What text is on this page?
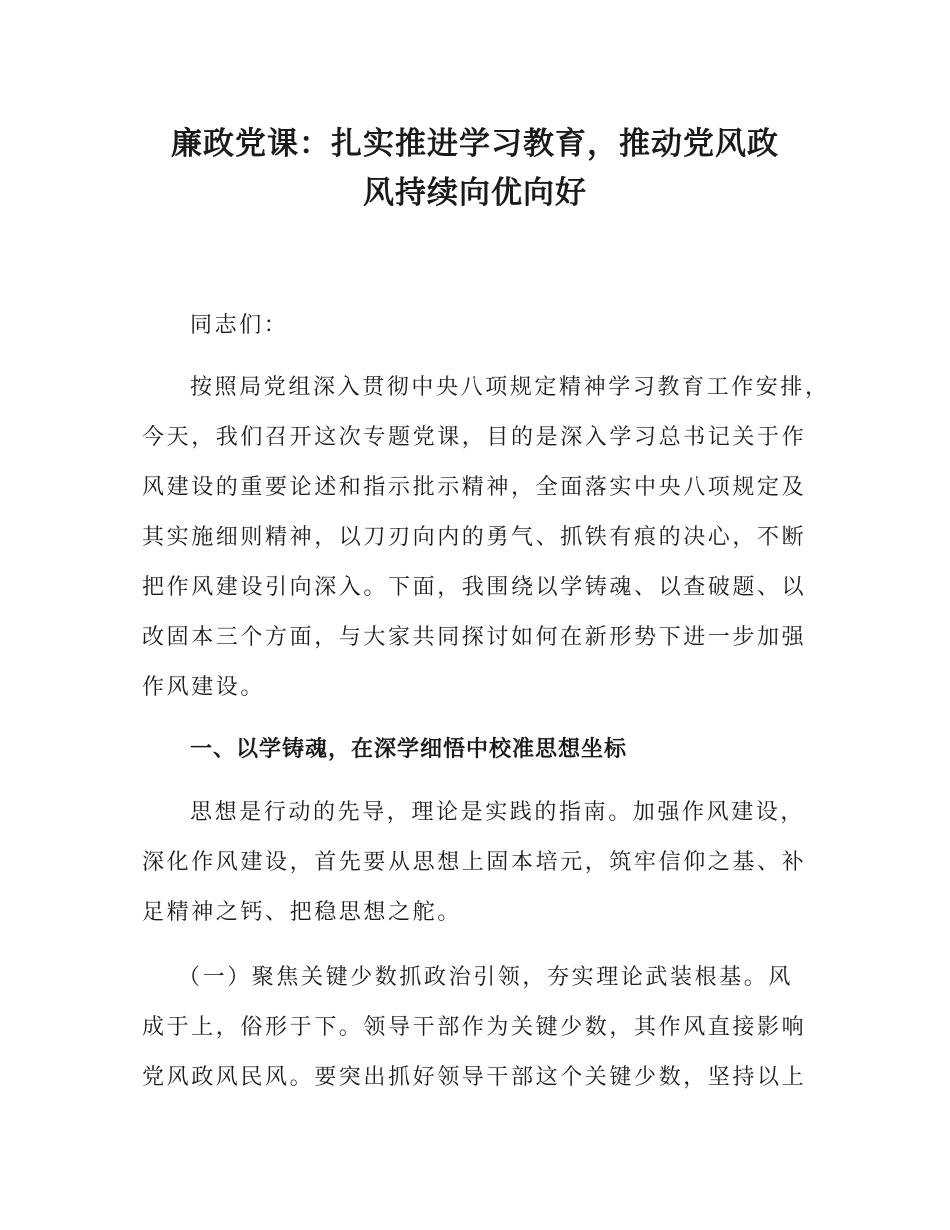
廉政党课：扎实推进学习教育，推动党风政
风持续向优向好

同志们：

按照局党组深入贯彻中央八项规定精神学习教育工作安排，

今天，我们召开这次专题党课，目的是深入学习总书记关于作

风建设的重要论述和指示批示精神，全面落实中央八项规定及

其实施细则精神，以刀刃向内的勇气、抓铁有痕的决心，不断

把作风建设引向深入。下面，我围绕以学铸魂、以查破题、以

改固本三个方面，与大家共同探讨如何在新形势下进一步加强

作风建设。

一、以学铸魂，在深学细悟中校准思想坐标

思想是行动的先导，理论是实践的指南。加强作风建设，

深化作风建设，首先要从思想上固本培元，筑牢信仰之基、补

足精神之钙、把稳思想之舵。

（一）聚焦关键少数抓政治引领，夯实理论武装根基。风

成于上，俗形于下。领导干部作为关键少数，其作风直接影响

党风政风民风。要突出抓好领导干部这个关键少数，坚持以上
